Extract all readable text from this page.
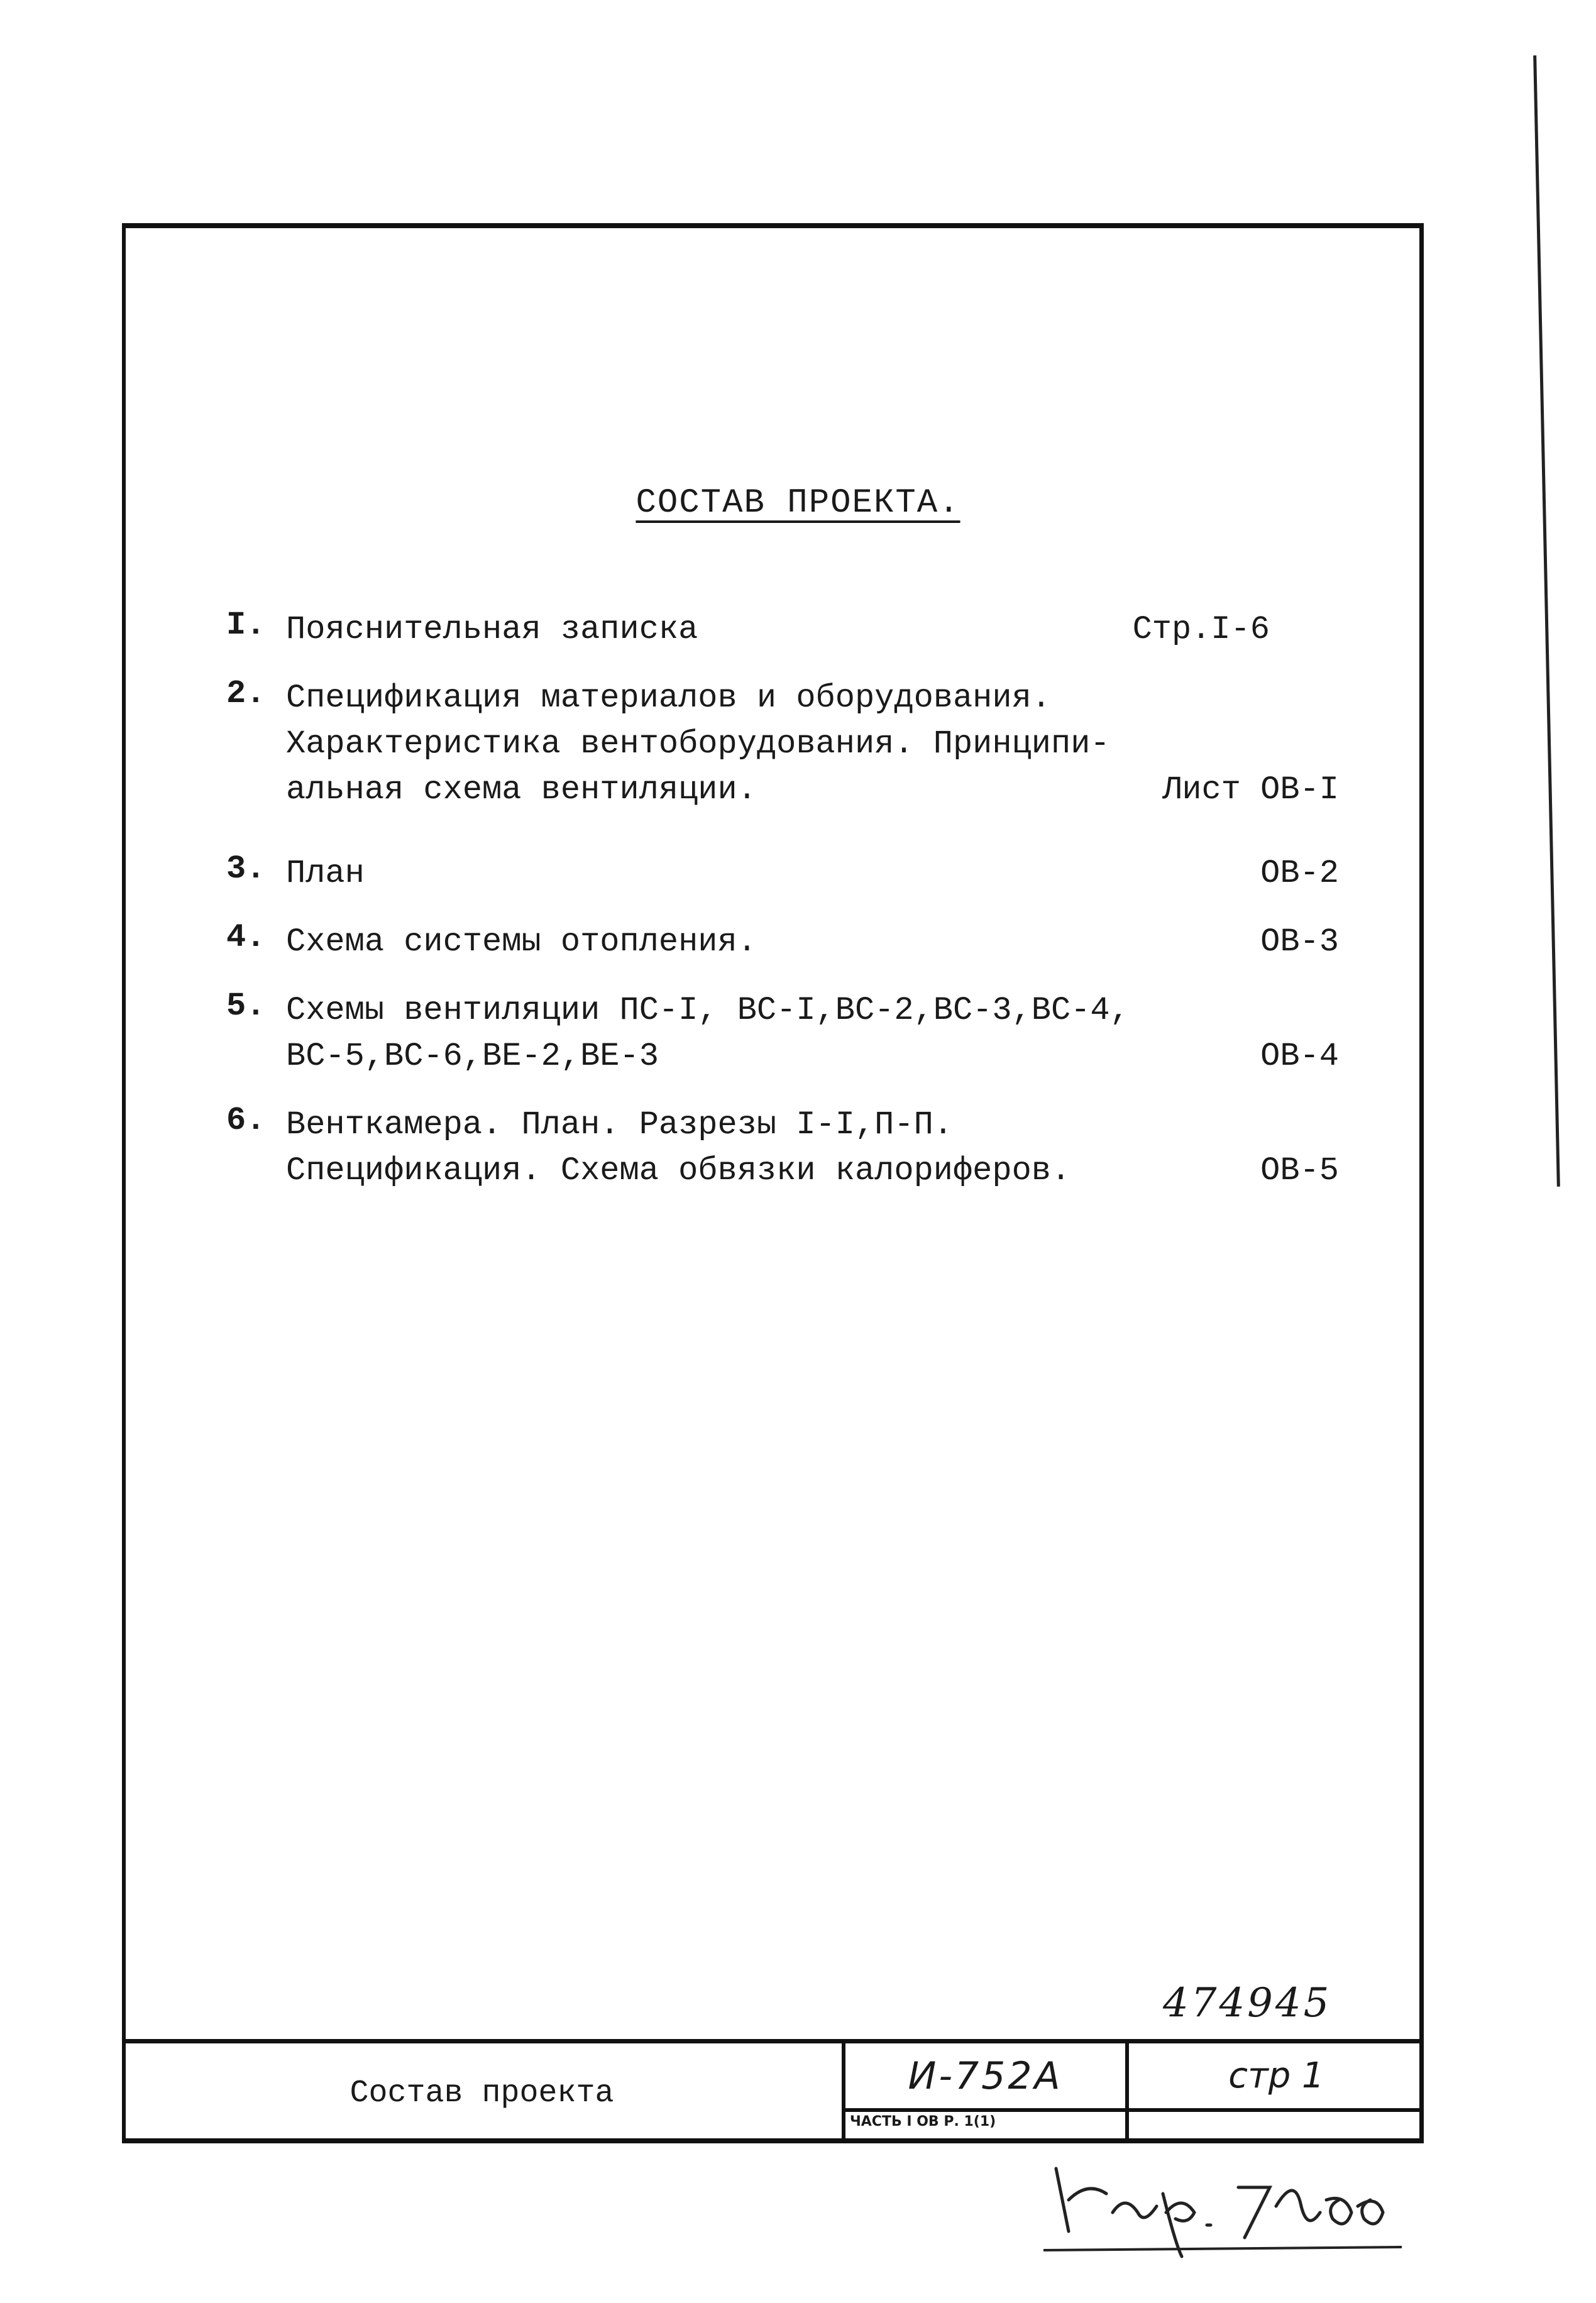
СОСТАВ ПРОЕКТА.
I. Пояснительная записка	Стр.I-6
2. Спецификация материалов и оборудования.
Характеристика вентоборудования. Принципи-
альная схема вентиляции.	Лист ОВ-I
3. План	ОВ-2
4. Схема системы отопления.	ОВ-3
5. Схемы вентиляции ПС-I, ВС-I,ВС-2,ВС-3,ВС-4,
ВС-5,ВС-6,ВЕ-2,ВЕ-3	ОВ-4
6. Венткамера. План. Разрезы I-I,П-П.
Спецификация. Схема обвязки калориферов.	ОВ-5
474945
Состав проекта	И-752А	стр 1
ЧАСТЬ I ОВ Р. 1(1)
